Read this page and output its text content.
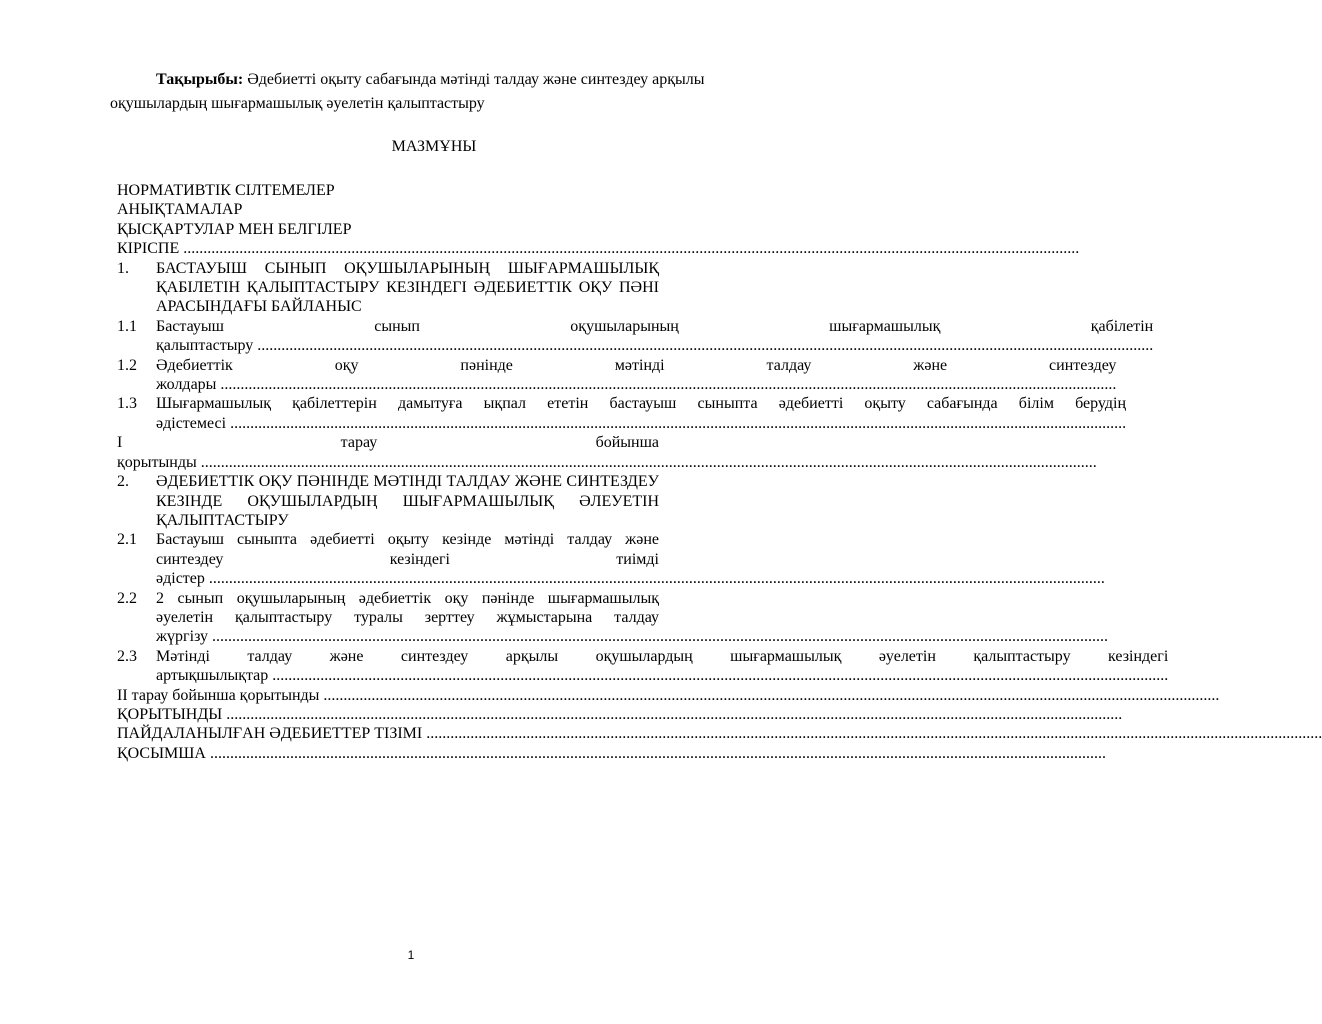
Тақырыбы: Әдебиетті оқыту сабағында мәтінді талдау және синтездеу арқылы оқушылардың шығармашылық әуелетін қалыптастыру
МАЗМҰНЫ
НОРМАТИВТІК СІЛТЕМЕЛЕР
АНЫҚТАМАЛАР
ҚЫСҚАРТУЛАР МЕН БЕЛГІЛЕР
КІРІСПЕ .....
1.	БАСТАУЫШ СЫНЫП ОҚУШЫЛАРЫНЫҢ ШЫҒАРМАШЫЛЫҚ ҚАБІЛЕТІН ҚАЛЫПТАСТЫРУ КЕЗІНДЕГІ ӘДЕБИЕТТІК ОҚУ ПӘНІ АРАСЫНДАҒЫ БАЙЛАНЫС
1.1	Бастауыш сынып оқушыларының шығармашылық қабілетін
қалыптастыру .....
1.2	Әдебиеттік оқу пәнінде мәтінді талдау және синтездеу
жолдары .....
1.3	Шығармашылық қабілеттерін дамытуға ықпал ететін бастауыш сыныпта әдебиетті оқыту сабағында білім берудің
әдістемесі .....
I	тарау	бойынша
қорытынды .....
2.	ӘДЕБИЕТТІК ОҚУ ПӘНІНДЕ МӘТІНДІ ТАЛДАУ ЖӘНЕ СИНТЕЗДЕУ КЕЗІНДЕ ОҚУШЫЛАРДЫҢ ШЫҒАРМАШЫЛЫҚ ӘЛЕУЕТІН ҚАЛЫПТАСТЫРУ
2.1	Бастауыш сыныпта әдебиетті оқыту кезінде мәтінді талдау және синтездеу кезіндегі тиімді
әдістер .....
2.2	2 сынып оқушыларының әдебиеттік оқу пәнінде шығармашылық әуелетін қалыптастыру туралы зерттеу жұмыстарына талдау
жүргізу .....
2.3	Мәтінді талдау және синтездеу арқылы оқушылардың шығармашылық әуелетін қалыптастыру кезіндегі
артықшылықтар .....
II тарау бойынша қорытынды .....
ҚОРЫТЫНДЫ .....
ПАЙДАЛАНЫЛҒАН ӘДЕБИЕТТЕР ТІЗІМІ .....
ҚОСЫМША .....
1
